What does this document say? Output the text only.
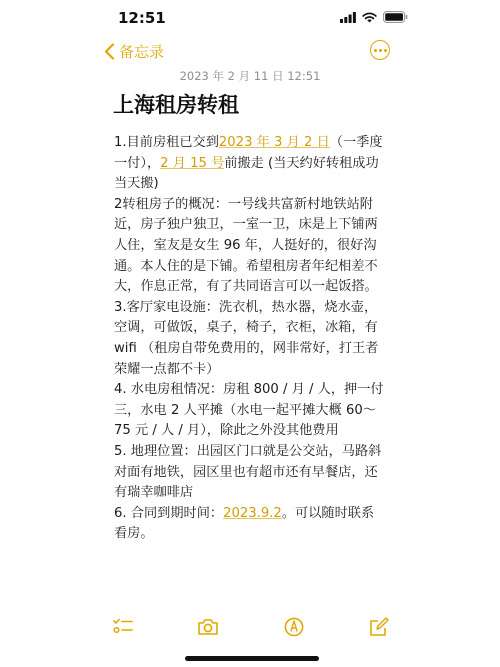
12:51
备忘录
2023 年 2 月 11 日 12:51
上海租房转租

1.目前房租已交到2023 年 3 月 2 日（一季度一付），2 月 15 号前搬走 (当天约好转租成功当天搬)

2转租房子的概况：一号线共富新村地铁站附近，房子独户独卫，一室一卫，床是上下铺两人住，室友是女生 96 年，人挺好的，很好沟通。本人住的是下铺。希望租房者年纪相差不大，作息正常，有了共同语言可以一起饭搭。

3.客厅家电设施：洗衣机，热水器，烧水壶，空调，可做饭，桌子，椅子，衣柜，冰箱，有 wifi （租房自带免费用的，网非常好，打王者荣耀一点都不卡）

4. 水电房租情况：房租 800 / 月 / 人，押一付三，水电 2 人平摊（水电一起平摊大概 60～75 元 / 人 / 月），除此之外没其他费用

5. 地理位置：出园区门口就是公交站，马路斜对面有地铁，园区里也有超市还有早餐店，还有瑞幸咖啡店

6. 合同到期时间：2023.9.2。可以随时联系看房。
